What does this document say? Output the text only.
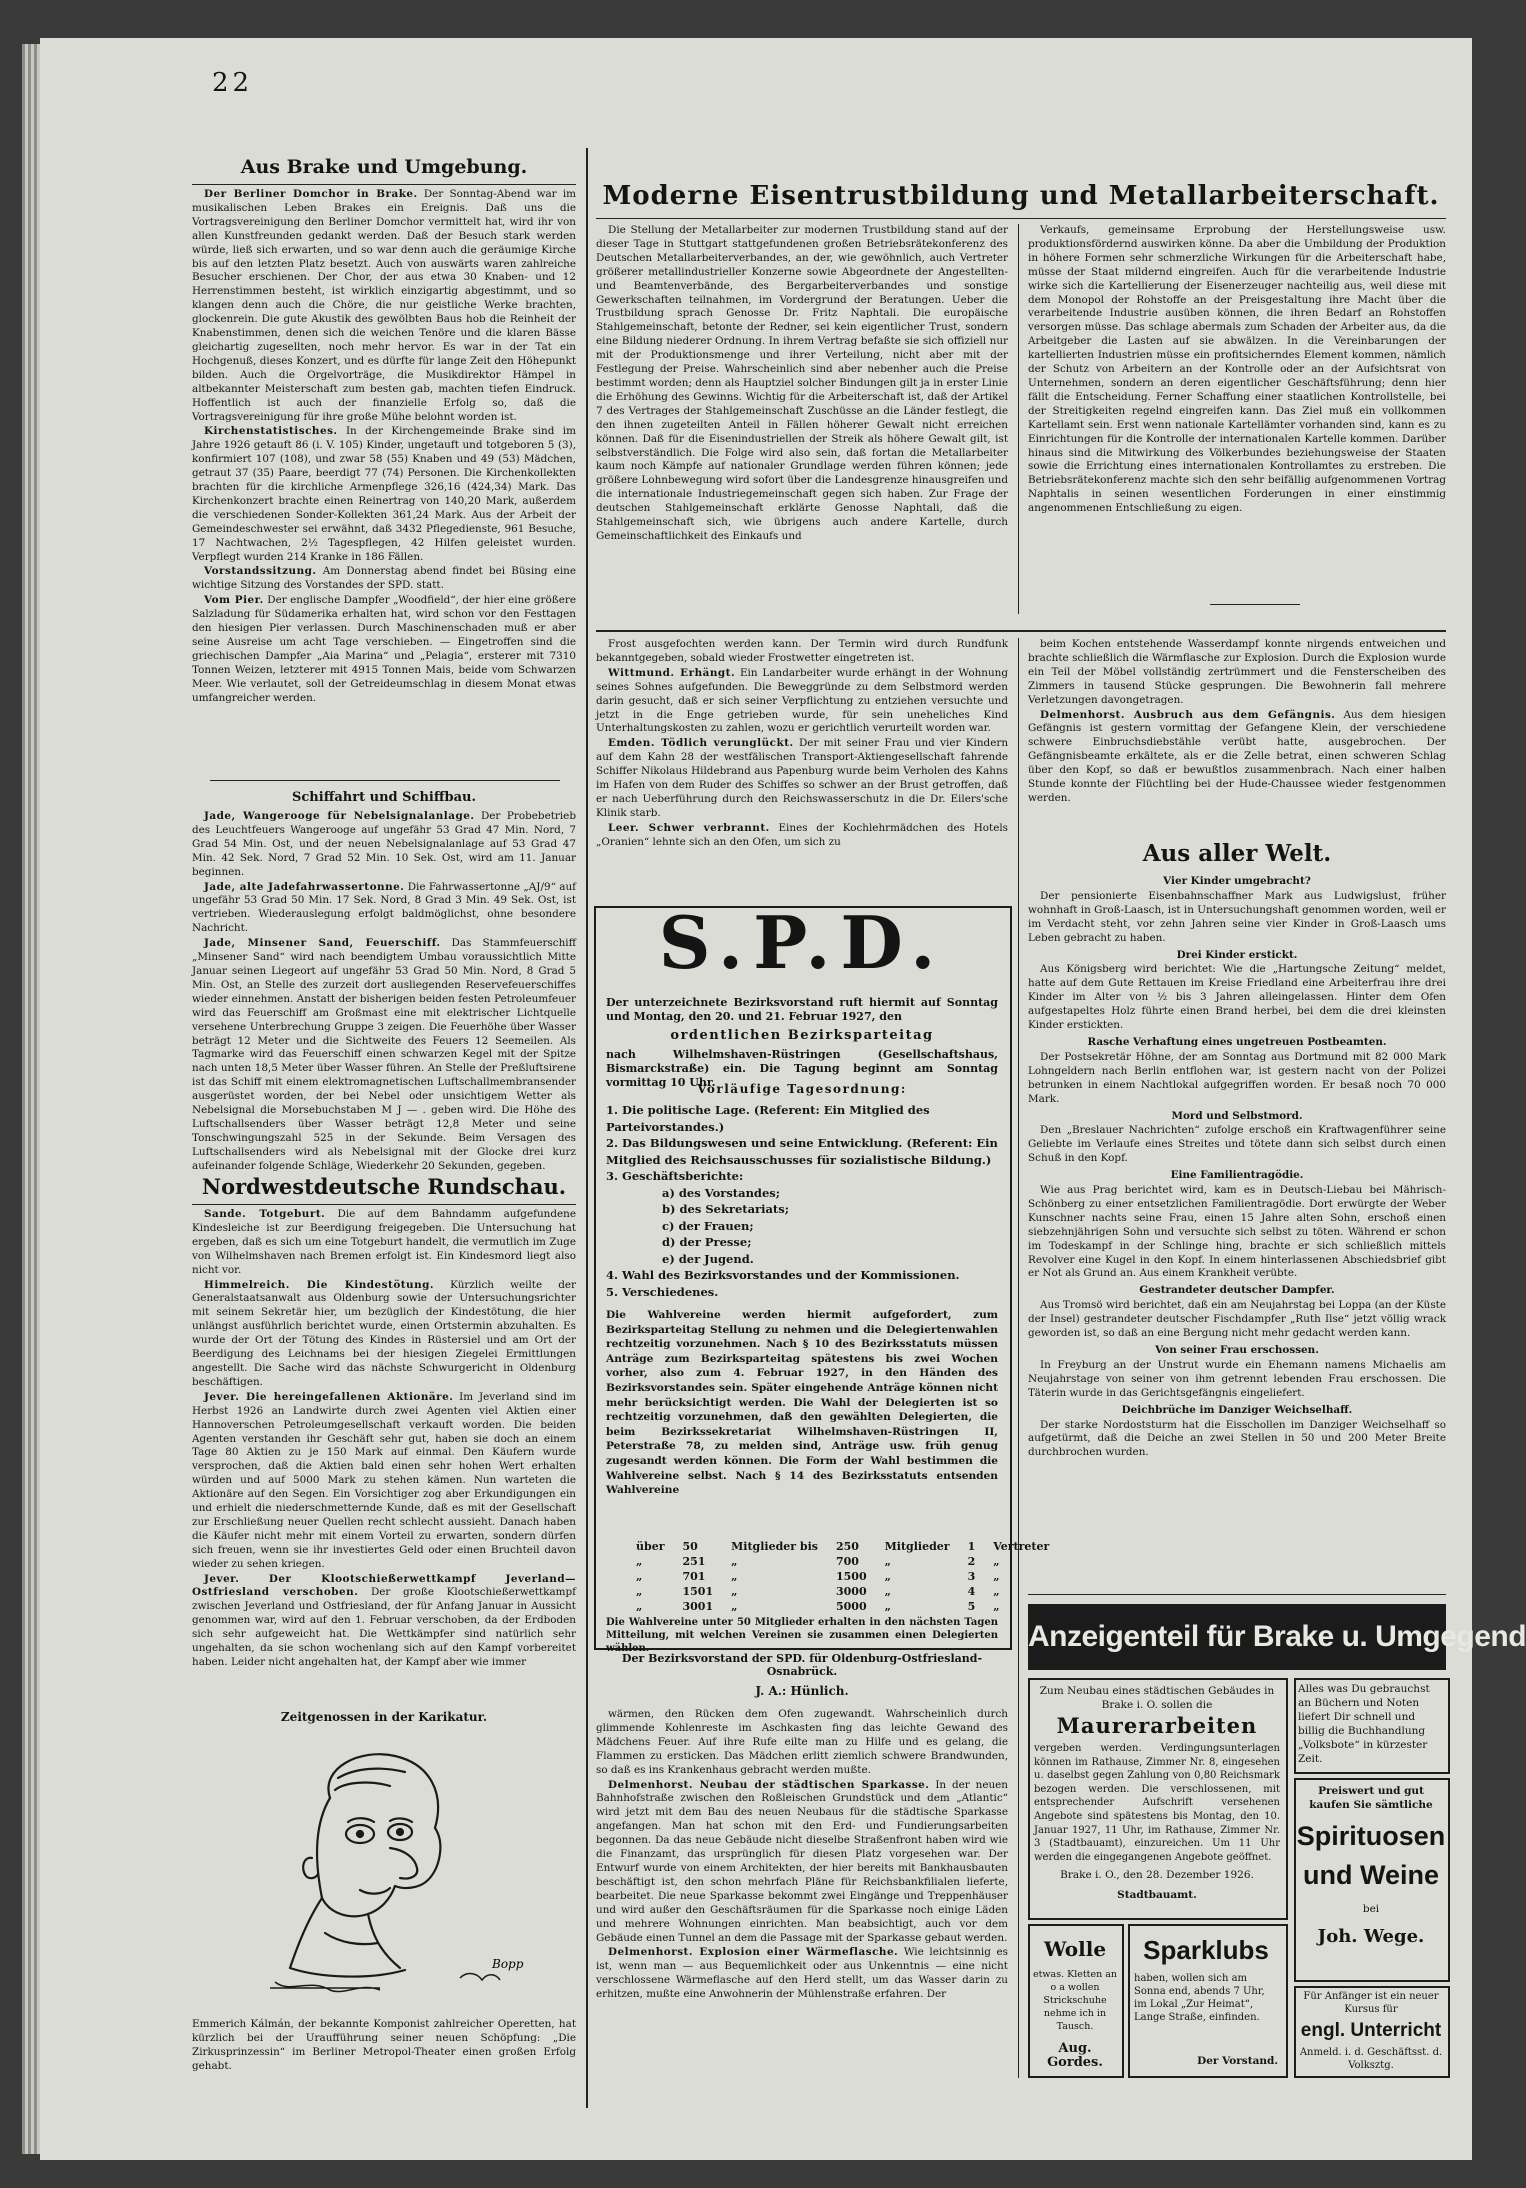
22
Aus Brake und Umgebung.

Der Berliner Domchor in Brake. Der Sonntag-Abend war im musikalischen Leben Brakes ein Ereignis. Daß uns die Vortragsvereinigung den Berliner Domchor vermittelt hat, wird ihr von allen Kunstfreunden gedankt werden. Daß der Besuch stark werden würde, ließ sich erwarten, und so war denn auch die geräumige Kirche bis auf den letzten Platz besetzt. Auch von auswärts waren zahlreiche Besucher erschienen. Der Chor, der aus etwa 30 Knaben- und 12 Herrenstimmen besteht, ist wirklich einzigartig abgestimmt, und so klangen denn auch die Chöre, die nur geistliche Werke brachten, glockenrein. Die gute Akustik des gewölbten Baus hob die Reinheit der Knabenstimmen, denen sich die weichen Tenöre und die klaren Bässe gleichartig zugesellten, noch mehr hervor. Es war in der Tat ein Hochgenuß, dieses Konzert, und es dürfte für lange Zeit den Höhepunkt bilden. Auch die Orgelvorträge, die Musikdirektor Hämpel in altbekannter Meisterschaft zum besten gab, machten tiefen Eindruck. Hoffentlich ist auch der finanzielle Erfolg so, daß die Vortragsvereinigung für ihre große Mühe belohnt worden ist.

Kirchenstatistisches. In der Kirchengemeinde Brake sind im Jahre 1926 getauft 86 (i. V. 105) Kinder, ungetauft und totgeboren 5 (3), konfirmiert 107 (108), und zwar 58 (55) Knaben und 49 (53) Mädchen, getraut 37 (35) Paare, beerdigt 77 (74) Personen. Die Kirchenkollekten brachten für die kirchliche Armenpflege 326,16 (424,34) Mark. Das Kirchenkonzert brachte einen Reinertrag von 140,20 Mark, außerdem die verschiedenen Sonder-Kollekten 361,24 Mark. Aus der Arbeit der Gemeindeschwester sei erwähnt, daß 3432 Pflegedienste, 961 Besuche, 17 Nachtwachen, 2½ Tagespflegen, 42 Hilfen geleistet wurden. Verpflegt wurden 214 Kranke in 186 Fällen.

Vorstandssitzung. Am Donnerstag abend findet bei Büsing eine wichtige Sitzung des Vorstandes der SPD. statt.

Vom Pier. Der englische Dampfer „Woodfield“, der hier eine größere Salzladung für Südamerika erhalten hat, wird schon vor den Festtagen den hiesigen Pier verlassen. Durch Maschinenschaden muß er aber seine Ausreise um acht Tage verschieben. — Eingetroffen sind die griechischen Dampfer „Aia Marina“ und „Pelagia“, ersterer mit 7310 Tonnen Weizen, letzterer mit 4915 Tonnen Mais, beide vom Schwarzen Meer. Wie verlautet, soll der Getreideumschlag in diesem Monat etwas umfangreicher werden.

Schiffahrt und Schiffbau.

Jade, Wangerooge für Nebelsignalanlage. Der Probebetrieb des Leuchtfeuers Wangerooge auf ungefähr 53 Grad 47 Min. Nord, 7 Grad 54 Min. Ost, und der neuen Nebelsignalanlage auf 53 Grad 47 Min. 42 Sek. Nord, 7 Grad 52 Min. 10 Sek. Ost, wird am 11. Januar beginnen.

Jade, alte Jadefahrwassertonne. Die Fahrwassertonne „AJ/9“ auf ungefähr 53 Grad 50 Min. 17 Sek. Nord, 8 Grad 3 Min. 49 Sek. Ost, ist vertrieben. Wiederauslegung erfolgt baldmöglichst, ohne besondere Nachricht.

Jade, Minsener Sand, Feuerschiff. Das Stammfeuerschiff „Minsener Sand“ wird nach beendigtem Umbau voraussichtlich Mitte Januar seinen Liegeort auf ungefähr 53 Grad 50 Min. Nord, 8 Grad 5 Min. Ost, an Stelle des zurzeit dort ausliegenden Reservefeuerschiffes wieder einnehmen. Anstatt der bisherigen beiden festen Petroleumfeuer wird das Feuerschiff am Großmast eine mit elektrischer Lichtquelle versehene Unterbrechung Gruppe 3 zeigen. Die Feuerhöhe über Wasser beträgt 12 Meter und die Sichtweite des Feuers 12 Seemeilen. Als Tagmarke wird das Feuerschiff einen schwarzen Kegel mit der Spitze nach unten 18,5 Meter über Wasser führen. An Stelle der Preßluftsirene ist das Schiff mit einem elektromagnetischen Luftschallmembransender ausgerüstet worden, der bei Nebel oder unsichtigem Wetter als Nebelsignal die Morsebuchstaben M J — . geben wird. Die Höhe des Luftschallsenders über Wasser beträgt 12,8 Meter und seine Tonschwingungszahl 525 in der Sekunde. Beim Versagen des Luftschallsenders wird als Nebelsignal mit der Glocke drei kurz aufeinander folgende Schläge, Wiederkehr 20 Sekunden, gegeben.

Nordwestdeutsche Rundschau.

Sande. Totgeburt. Die auf dem Bahndamm aufgefundene Kindesleiche ist zur Beerdigung freigegeben. Die Untersuchung hat ergeben, daß es sich um eine Totgeburt handelt, die vermutlich im Zuge von Wilhelmshaven nach Bremen erfolgt ist. Ein Kindesmord liegt also nicht vor.

Himmelreich. Die Kindestötung. Kürzlich weilte der Generalstaatsanwalt aus Oldenburg sowie der Untersuchungsrichter mit seinem Sekretär hier, um bezüglich der Kindestötung, die hier unlängst ausführlich berichtet wurde, einen Ortstermin abzuhalten. Es wurde der Ort der Tötung des Kindes in Rüstersiel und am Ort der Beerdigung des Leichnams bei der hiesigen Ziegelei Ermittlungen angestellt. Die Sache wird das nächste Schwurgericht in Oldenburg beschäftigen.

Jever. Die hereingefallenen Aktionäre. Im Jeverland sind im Herbst 1926 an Landwirte durch zwei Agenten viel Aktien einer Hannoverschen Petroleumgesellschaft verkauft worden. Die beiden Agenten verstanden ihr Geschäft sehr gut, haben sie doch an einem Tage 80 Aktien zu je 150 Mark auf einmal. Den Käufern wurde versprochen, daß die Aktien bald einen sehr hohen Wert erhalten würden und auf 5000 Mark zu stehen kämen. Nun warteten die Aktionäre auf den Segen. Ein Vorsichtiger zog aber Erkundigungen ein und erhielt die niederschmetternde Kunde, daß es mit der Gesellschaft zur Erschließung neuer Quellen recht schlecht aussieht. Danach haben die Käufer nicht mehr mit einem Vorteil zu erwarten, sondern dürfen sich freuen, wenn sie ihr investiertes Geld oder einen Bruchteil davon wieder zu sehen kriegen.

Jever. Der Klootschießerwettkampf Jeverland—Ostfriesland verschoben. Der große Klootschießerwettkampf zwischen Jeverland und Ostfriesland, der für Anfang Januar in Aussicht genommen war, wird auf den 1. Februar verschoben, da der Erdboden sich sehr aufgeweicht hat. Die Wettkämpfer sind natürlich sehr ungehalten, da sie schon wochenlang sich auf den Kampf vorbereitet haben. Leider nicht angehalten hat, der Kampf aber wie immer

Zeitgenossen in der Karikatur.
Bopp
Emmerich Kálmán, der bekannte Komponist zahlreicher Operetten, hat kürzlich bei der Uraufführung seiner neuen Schöpfung: „Die Zirkusprinzessin“ im Berliner Metropol-Theater einen großen Erfolg gehabt.
Moderne Eisentrustbildung und Metallarbeiterschaft.
Die Stellung der Metallarbeiter zur modernen Trustbildung stand auf der dieser Tage in Stuttgart stattgefundenen großen Betriebsrätekonferenz des Deutschen Metallarbeiterverbandes, an der, wie gewöhnlich, auch Vertreter größerer metallindustrieller Konzerne sowie Abgeordnete der Angestellten- und Beamtenverbände, des Bergarbeiterverbandes und sonstige Gewerkschaften teilnahmen, im Vordergrund der Beratungen. Ueber die Trustbildung sprach Genosse Dr. Fritz Naphtali. Die europäische Stahlgemeinschaft, betonte der Redner, sei kein eigentlicher Trust, sondern eine Bildung niederer Ordnung. In ihrem Vertrag befaßte sie sich offiziell nur mit der Produktionsmenge und ihrer Verteilung, nicht aber mit der Festlegung der Preise. Wahrscheinlich sind aber nebenher auch die Preise bestimmt worden; denn als Hauptziel solcher Bindungen gilt ja in erster Linie die Erhöhung des Gewinns. Wichtig für die Arbeiterschaft ist, daß der Artikel 7 des Vertrages der Stahlgemeinschaft Zuschüsse an die Länder festlegt, die den ihnen zugeteilten Anteil in Fällen höherer Gewalt nicht erreichen können. Daß für die Eisenindustriellen der Streik als höhere Gewalt gilt, ist selbstverständlich. Die Folge wird also sein, daß fortan die Metallarbeiter kaum noch Kämpfe auf nationaler Grundlage werden führen können; jede größere Lohnbewegung wird sofort über die Landesgrenze hinausgreifen und die internationale Industriegemeinschaft gegen sich haben. Zur Frage der deutschen Stahlgemeinschaft erklärte Genosse Naphtali, daß die Stahlgemeinschaft sich, wie übrigens auch andere Kartelle, durch Gemeinschaftlichkeit des Einkaufs und
Verkaufs, gemeinsame Erprobung der Herstellungsweise usw. produktionsfördernd auswirken könne. Da aber die Umbildung der Produktion in höhere Formen sehr schmerzliche Wirkungen für die Arbeiterschaft habe, müsse der Staat mildernd eingreifen. Auch für die verarbeitende Industrie wirke sich die Kartellierung der Eisenerzeuger nachteilig aus, weil diese mit dem Monopol der Rohstoffe an der Preisgestaltung ihre Macht über die verarbeitende Industrie ausüben können, die ihren Bedarf an Rohstoffen versorgen müsse. Das schlage abermals zum Schaden der Arbeiter aus, da die Arbeitgeber die Lasten auf sie abwälzen. In die Vereinbarungen der kartellierten Industrien müsse ein profitsicherndes Element kommen, nämlich der Schutz von Arbeitern an der Kontrolle oder an der Aufsichtsrat von Unternehmen, sondern an deren eigentlicher Geschäftsführung; denn hier fällt die Entscheidung. Ferner Schaffung einer staatlichen Kontrollstelle, bei der Streitigkeiten regelnd eingreifen kann. Das Ziel muß ein vollkommen Kartellamt sein. Erst wenn nationale Kartellämter vorhanden sind, kann es zu Einrichtungen für die Kontrolle der internationalen Kartelle kommen. Darüber hinaus sind die Mitwirkung des Völkerbundes beziehungsweise der Staaten sowie die Errichtung eines internationalen Kontrollamtes zu erstreben. Die Betriebsrätekonferenz machte sich den sehr beifällig aufgenommenen Vortrag Naphtalis in seinen wesentlichen Forderungen in einer einstimmig angenommenen Entschließung zu eigen.

Frost ausgefochten werden kann. Der Termin wird durch Rundfunk bekanntgegeben, sobald wieder Frostwetter eingetreten ist.

Wittmund. Erhängt. Ein Landarbeiter wurde erhängt in der Wohnung seines Sohnes aufgefunden. Die Beweggründe zu dem Selbstmord werden darin gesucht, daß er sich seiner Verpflichtung zu entziehen versuchte und jetzt in die Enge getrieben wurde, für sein uneheliches Kind Unterhaltungskosten zu zahlen, wozu er gerichtlich verurteilt worden war.

Emden. Tödlich verunglückt. Der mit seiner Frau und vier Kindern auf dem Kahn 28 der westfälischen Transport-Aktiengesellschaft fahrende Schiffer Nikolaus Hildebrand aus Papenburg wurde beim Verholen des Kahns im Hafen von dem Ruder des Schiffes so schwer an der Brust getroffen, daß er nach Ueberführung durch den Reichswasserschutz in die Dr. Eilers'sche Klinik starb.

Leer. Schwer verbrannt. Eines der Kochlehrmädchen des Hotels „Oranien“ lehnte sich an den Ofen, um sich zu

beim Kochen entstehende Wasserdampf konnte nirgends entweichen und brachte schließlich die Wärmflasche zur Explosion. Durch die Explosion wurde ein Teil der Möbel vollständig zertrümmert und die Fensterscheiben des Zimmers in tausend Stücke gesprungen. Die Bewohnerin fall mehrere Verletzungen davongetragen.

Delmenhorst. Ausbruch aus dem Gefängnis. Aus dem hiesigen Gefängnis ist gestern vormittag der Gefangene Klein, der verschiedene schwere Einbruchsdiebstähle verübt hatte, ausgebrochen. Der Gefängnisbeamte erkältete, als er die Zelle betrat, einen schweren Schlag über den Kopf, so daß er bewußtlos zusammenbrach. Nach einer halben Stunde konnte der Flüchtling bei der Hude-Chaussee wieder festgenommen werden.

Aus aller Welt.
Vier Kinder umgebracht?

Der pensionierte Eisenbahnschaffner Mark aus Ludwigslust, früher wohnhaft in Groß-Laasch, ist in Untersuchungshaft genommen worden, weil er im Verdacht steht, vor zehn Jahren seine vier Kinder in Groß-Laasch ums Leben gebracht zu haben.

Drei Kinder erstickt.

Aus Königsberg wird berichtet: Wie die „Hartungsche Zeitung“ meldet, hatte auf dem Gute Rettauen im Kreise Friedland eine Arbeiterfrau ihre drei Kinder im Alter von ½ bis 3 Jahren alleingelassen. Hinter dem Ofen aufgestapeltes Holz führte einen Brand herbei, bei dem die drei kleinsten Kinder erstickten.

Rasche Verhaftung eines ungetreuen Postbeamten.

Der Postsekretär Höhne, der am Sonntag aus Dortmund mit 82 000 Mark Lohngeldern nach Berlin entflohen war, ist gestern nacht von der Polizei betrunken in einem Nachtlokal aufgegriffen worden. Er besaß noch 70 000 Mark.

Mord und Selbstmord.

Den „Breslauer Nachrichten“ zufolge erschoß ein Kraftwagenführer seine Geliebte im Verlaufe eines Streites und tötete dann sich selbst durch einen Schuß in den Kopf.

Eine Familientragödie.

Wie aus Prag berichtet wird, kam es in Deutsch-Liebau bei Mährisch-Schönberg zu einer entsetzlichen Familientragödie. Dort erwürgte der Weber Kunschner nachts seine Frau, einen 15 Jahre alten Sohn, erschoß einen siebzehnjährigen Sohn und versuchte sich selbst zu töten. Während er schon im Todeskampf in der Schlinge hing, brachte er sich schließlich mittels Revolver eine Kugel in den Kopf. In einem hinterlassenen Abschiedsbrief gibt er Not als Grund an. Aus einem Krankheit verübte.

Gestrandeter deutscher Dampfer.

Aus Tromsö wird berichtet, daß ein am Neujahrstag bei Loppa (an der Küste der Insel) gestrandeter deutscher Fischdampfer „Ruth Ilse“ jetzt völlig wrack geworden ist, so daß an eine Bergung nicht mehr gedacht werden kann.

Von seiner Frau erschossen.

In Freyburg an der Unstrut wurde ein Ehemann namens Michaelis am Neujahrstage von seiner von ihm getrennt lebenden Frau erschossen. Die Täterin wurde in das Gerichtsgefängnis eingeliefert.

Deichbrüche im Danziger Weichselhaff.

Der starke Nordoststurm hat die Eisschollen im Danziger Weichselhaff so aufgetürmt, daß die Deiche an zwei Stellen in 50 und 200 Meter Breite durchbrochen wurden.

S.P.D.
Der unterzeichnete Bezirksvorstand ruft hiermit auf Sonntag und Montag, den 20. und 21. Februar 1927, den
ordentlichen Bezirksparteitag
nach Wilhelmshaven-Rüstringen (Gesellschaftshaus, Bismarckstraße) ein. Die Tagung beginnt am Sonntag vormittag 10 Uhr.
Vorläufige Tagesordnung:
1. Die politische Lage. (Referent: Ein Mitglied des Parteivorstandes.)
2. Das Bildungswesen und seine Entwicklung. (Referent: Ein Mitglied des Reichsausschusses für sozialistische Bildung.)
3. Geschäftsberichte:
a) des Vorstandes;
b) des Sekretariats;
c) der Frauen;
d) der Presse;
e) der Jugend.
4. Wahl des Bezirksvorstandes und der Kommissionen.
5. Verschiedenes.
Die Wahlvereine werden hiermit aufgefordert, zum Bezirksparteitag Stellung zu nehmen und die Delegiertenwahlen rechtzeitig vorzunehmen. Nach § 10 des Bezirksstatuts müssen Anträge zum Bezirksparteitag spätestens bis zwei Wochen vorher, also zum 4. Februar 1927, in den Händen des Bezirksvorstandes sein. Später eingehende Anträge können nicht mehr berücksichtigt werden. Die Wahl der Delegierten ist so rechtzeitig vorzunehmen, daß den gewählten Delegierten, die beim Bezirkssekretariat Wilhelmshaven-Rüstringen II, Peterstraße 78, zu melden sind, Anträge usw. früh genug zugesandt werden können. Die Form der Wahl bestimmen die Wahlvereine selbst. Nach § 14 des Bezirksstatuts entsenden Wahlvereine
über	50	Mitglieder bis	250	Mitglieder	1	Vertreter
„	251	„	700	„	2	„
„	701	„	1500	„	3	„
„	1501	„	3000	„	4	„
„	3001	„	5000	„	5	„
Die Wahlvereine unter 50 Mitglieder erhalten in den nächsten Tagen Mitteilung, mit welchen Vereinen sie zusammen einen Delegierten wählen.
Der Bezirksvorstand der SPD. für Oldenburg-Ostfriesland-Osnabrück.
J. A.: Hünlich.

wärmen, den Rücken dem Ofen zugewandt. Wahrscheinlich durch glimmende Kohlenreste im Aschkasten fing das leichte Gewand des Mädchens Feuer. Auf ihre Rufe eilte man zu Hilfe und es gelang, die Flammen zu ersticken. Das Mädchen erlitt ziemlich schwere Brandwunden, so daß es ins Krankenhaus gebracht werden mußte.

Delmenhorst. Neubau der städtischen Sparkasse. In der neuen Bahnhofstraße zwischen den Roßleischen Grundstück und dem „Atlantic“ wird jetzt mit dem Bau des neuen Neubaus für die städtische Sparkasse angefangen. Man hat schon mit den Erd- und Fundierungsarbeiten begonnen. Da das neue Gebäude nicht dieselbe Straßenfront haben wird wie die Finanzamt, das ursprünglich für diesen Platz vorgesehen war. Der Entwurf wurde von einem Architekten, der hier bereits mit Bankhausbauten beschäftigt ist, den schon mehrfach Pläne für Reichsbankfilialen lieferte, bearbeitet. Die neue Sparkasse bekommt zwei Eingänge und Treppenhäuser und wird außer den Geschäftsräumen für die Sparkasse noch einige Läden und mehrere Wohnungen einrichten. Man beabsichtigt, auch vor dem Gebäude einen Tunnel an dem die Passage mit der Sparkasse gebaut werden.

Delmenhorst. Explosion einer Wärmeflasche. Wie leichtsinnig es ist, wenn man — aus Bequemlichkeit oder aus Unkenntnis — eine nicht verschlossene Wärmeflasche auf den Herd stellt, um das Wasser darin zu erhitzen, mußte eine Anwohnerin der Mühlenstraße erfahren. Der

Anzeigenteil für Brake u. Umgegend
Zum Neubau eines städtischen Gebäudes in Brake i. O. sollen die
Maurerarbeiten
vergeben werden. Verdingungsunterlagen können im Rathause, Zimmer Nr. 8, eingesehen u. daselbst gegen Zahlung von 0,80 Reichsmark bezogen werden. Die verschlossenen, mit entsprechender Aufschrift versehenen Angebote sind spätestens bis Montag, den 10. Januar 1927, 11 Uhr, im Rathause, Zimmer Nr. 3 (Stadtbauamt), einzureichen. Um 11 Uhr werden die eingegangenen Angebote geöffnet.
Brake i. O., den 28. Dezember 1926.
Stadtbauamt.
Alles was Du gebrauchst an Büchern und Noten liefert Dir schnell und billig die Buchhandlung „Volksbote“ in kürzester Zeit.
Preiswert und gut kaufen Sie sämtliche
Spirituosen
und Weine
bei
Joh. Wege.
Wolle
etwas. Kletten an o a wollen Strickschuhe nehme ich in Tausch.
Aug. Gordes.
Sparklubs
haben, wollen sich am Sonna end, abends 7 Uhr, im Lokal „Zur Heimat“, Lange Straße, einfinden.
Der Vorstand.
Für Anfänger ist ein neuer Kursus für
engl. Unterricht
Anmeld. i. d. Geschäftsst. d. Volksztg.
